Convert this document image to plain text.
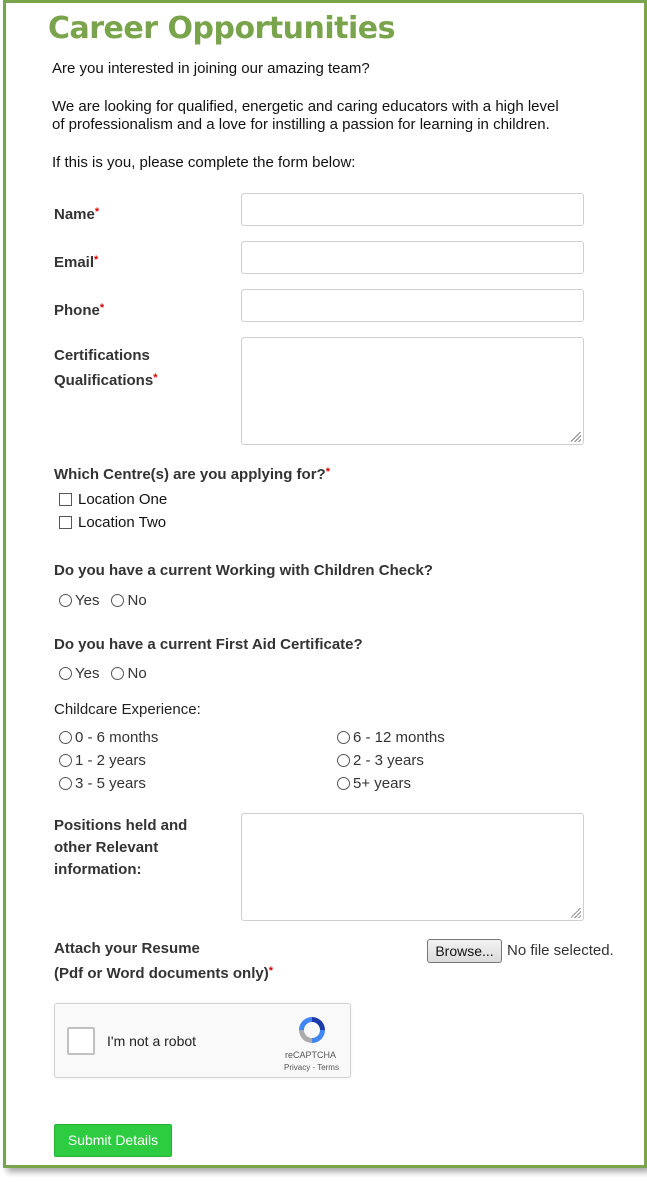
Career Opportunities
Are you interested in joining our amazing team?
We are looking for qualified, energetic and caring educators with a high level
of professionalism and a love for instilling a passion for learning in children.
If this is you, please complete the form below:
Name*
Email*
Phone*
Certifications
Qualifications*
Which Centre(s) are you applying for?*
Location One
Location Two
Do you have a current Working with Children Check?
Yes No
Do you have a current First Aid Certificate?
Yes No
Childcare Experience:
0 - 6 months	6 - 12 months
1 - 2 years	2 - 3 years
3 - 5 years	5+ years
Positions held and
other Relevant
information:
Attach your Resume
(Pdf or Word documents only)*
Browse... No file selected.
I'm not a robot
reCAPTCHA
Privacy - Terms
Submit Details
